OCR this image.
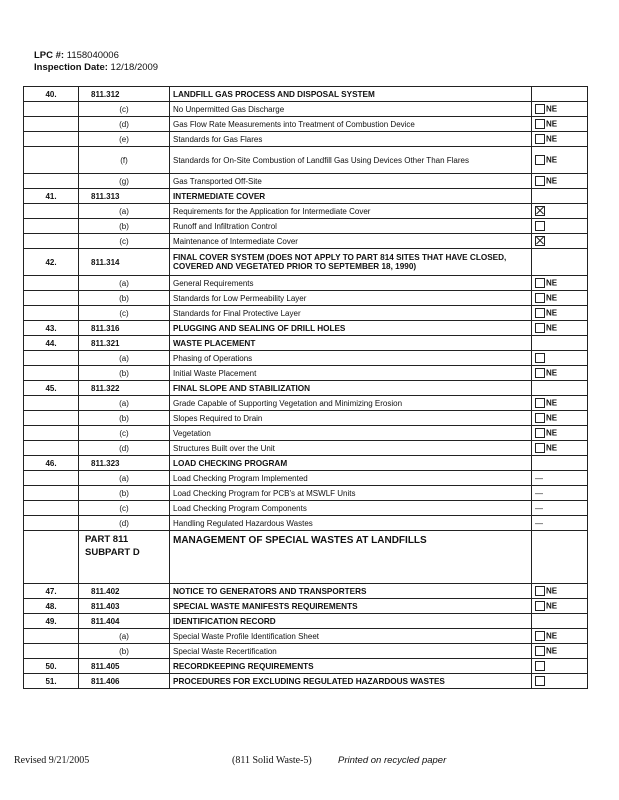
LPC #: 1158040006
Inspection Date: 12/18/2009
40.	811.312	LANDFILL GAS PROCESS AND DISPOSAL SYSTEM	
	(c)	No Unpermitted Gas Discharge	NE
	(d)	Gas Flow Rate Measurements into Treatment of Combustion Device	NE
	(e)	Standards for Gas Flares	NE
	(f)	Standards for On-Site Combustion of Landfill Gas Using Devices Other Than Flares	NE
	(g)	Gas Transported Off-Site	NE
41.	811.313	INTERMEDIATE COVER	
	(a)	Requirements for the Application for Intermediate Cover	
	(b)	Runoff and Infiltration Control	
	(c)	Maintenance of Intermediate Cover	
42.	811.314	FINAL COVER SYSTEM (DOES NOT APPLY TO PART 814 SITES THAT HAVE CLOSED, COVERED AND VEGETATED PRIOR TO SEPTEMBER 18, 1990)	
	(a)	General Requirements	NE
	(b)	Standards for Low Permeability Layer	NE
	(c)	Standards for Final Protective Layer	NE
43.	811.316	PLUGGING AND SEALING OF DRILL HOLES	NE
44.	811.321	WASTE PLACEMENT	
	(a)	Phasing of Operations	
	(b)	Initial Waste Placement	NE
45.	811.322	FINAL SLOPE AND STABILIZATION	
	(a)	Grade Capable of Supporting Vegetation and Minimizing Erosion	NE
	(b)	Slopes Required to Drain	NE
	(c)	Vegetation	NE
	(d)	Structures Built over the Unit	NE
46.	811.323	LOAD CHECKING PROGRAM	
	(a)	Load Checking Program Implemented	—
	(b)	Load Checking Program for PCB's at MSWLF Units	—
	(c)	Load Checking Program Components	—
	(d)	Handling Regulated Hazardous Wastes	—
	PART 811 SUBPART D	MANAGEMENT OF SPECIAL WASTES AT LANDFILLS	
47.	811.402	NOTICE TO GENERATORS AND TRANSPORTERS	NE
48.	811.403	SPECIAL WASTE MANIFESTS REQUIREMENTS	NE
49.	811.404	IDENTIFICATION RECORD	
	(a)	Special Waste Profile Identification Sheet	NE
	(b)	Special Waste Recertification	NE
50.	811.405	RECORDKEEPING REQUIREMENTS	
51.	811.406	PROCEDURES FOR EXCLUDING REGULATED HAZARDOUS WASTES	
Revised 9/21/2005	(811 Solid Waste-5)	Printed on recycled paper
